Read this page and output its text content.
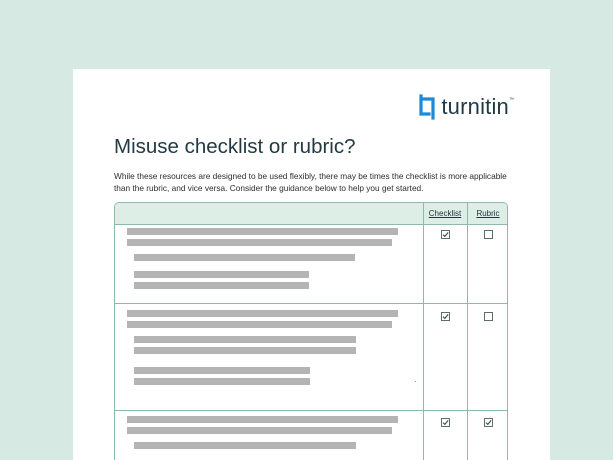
turnitin ™
Misuse checklist or rubric?

While these resources are designed to be used flexibly, there may be times the checklist is more applicable than the rubric, and vice versa. Consider the guidance below to help you get started.

Checklist	Rubric
